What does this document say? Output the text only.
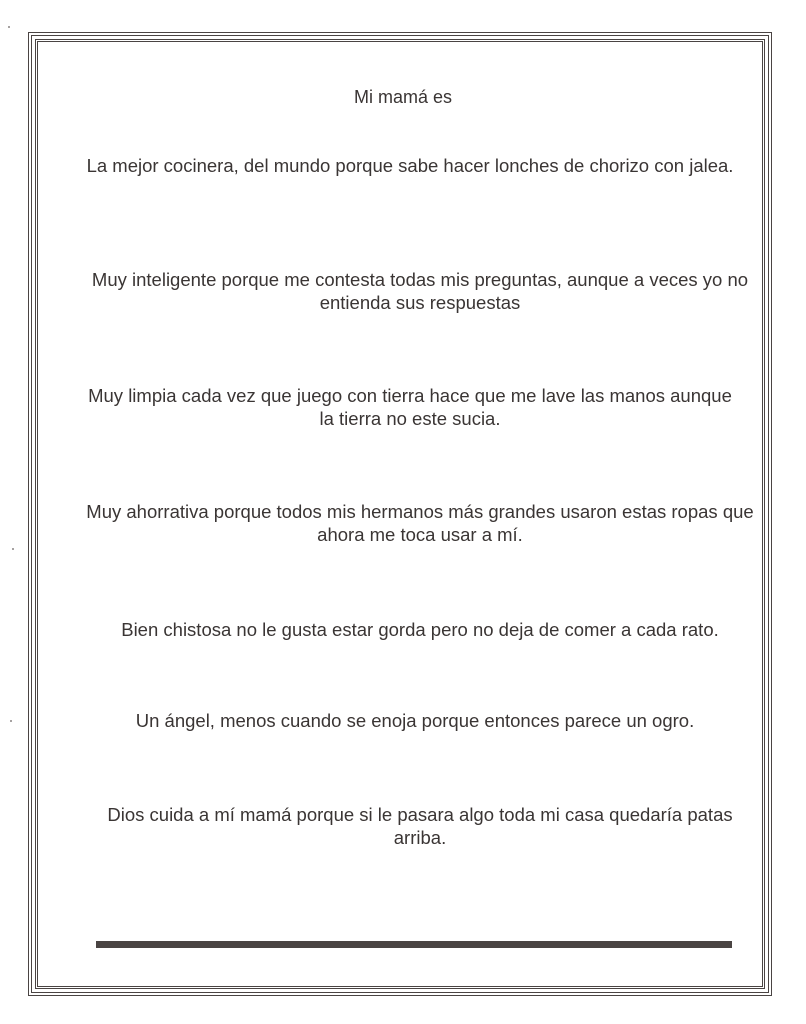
Mi mamá es
La mejor cocinera, del mundo porque sabe hacer lonches de chorizo con jalea.
Muy inteligente porque me contesta todas mis preguntas, aunque a veces yo no entienda sus respuestas
Muy limpia cada vez que juego con tierra hace que me lave las manos aunque la tierra no este sucia.
Muy ahorrativa porque todos mis hermanos más grandes usaron estas ropas que ahora me toca usar a mí.
Bien chistosa no le gusta estar gorda pero no deja de comer a cada rato.
Un ángel, menos cuando se enoja porque entonces parece un ogro.
Dios cuida a mí mamá porque si le pasara algo toda mi casa quedaría patas arriba.
